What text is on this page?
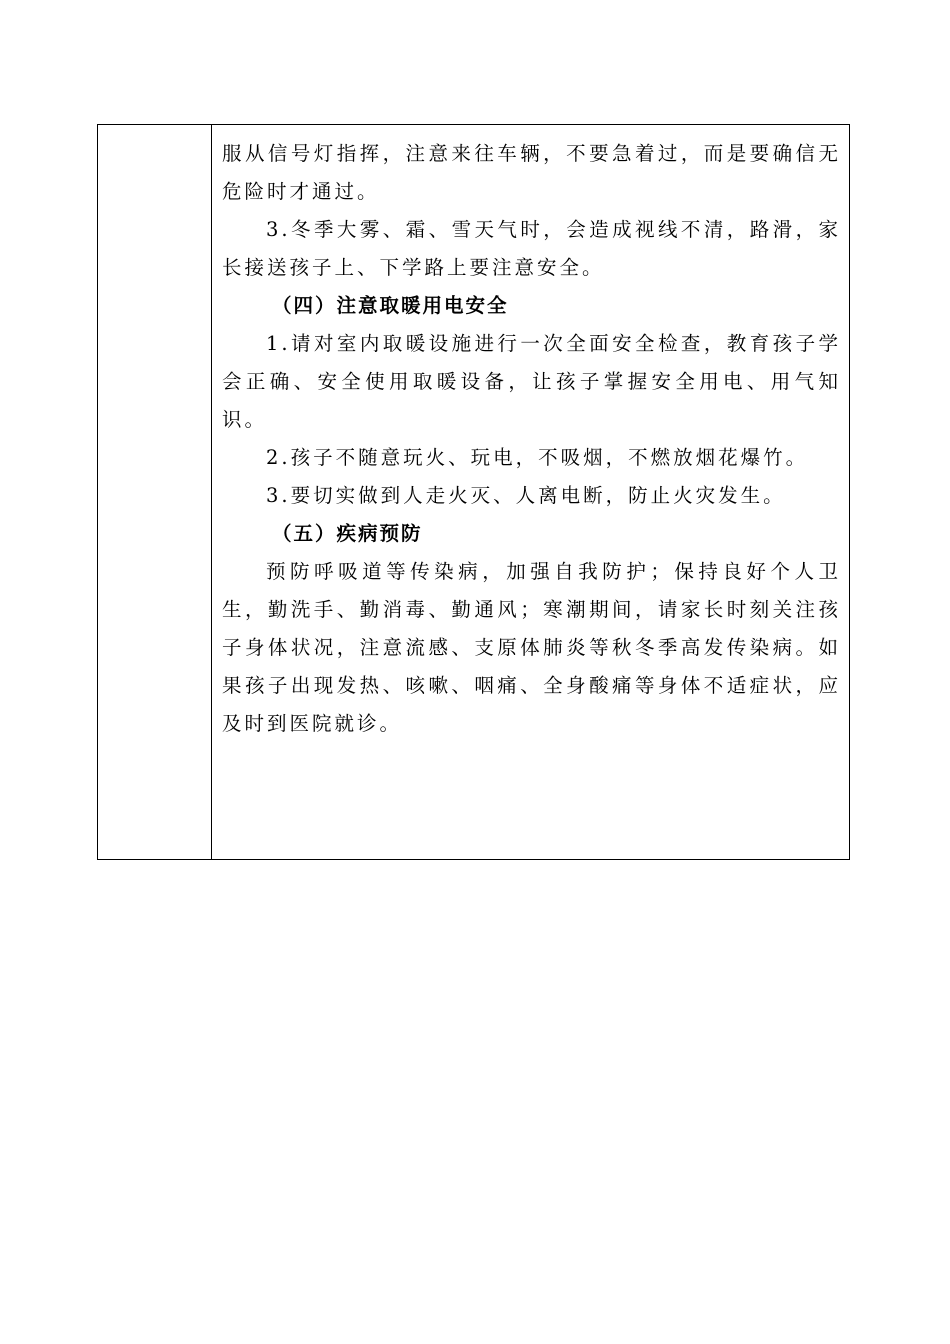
服从信号灯指挥，注意来往车辆，不要急着过，而是要确信无危险时才通过。

3.冬季大雾、霜、雪天气时，会造成视线不清，路滑，家长接送孩子上、下学路上要注意安全。

（四）注意取暖用电安全

1.请对室内取暖设施进行一次全面安全检查，教育孩子学会正确、安全使用取暖设备，让孩子掌握安全用电、用气知识。

2.孩子不随意玩火、玩电，不吸烟，不燃放烟花爆竹。

3.要切实做到人走火灭、人离电断，防止火灾发生。

（五）疾病预防

预防呼吸道等传染病，加强自我防护；保持良好个人卫生，勤洗手、勤消毒、勤通风；寒潮期间，请家长时刻关注孩子身体状况，注意流感、支原体肺炎等秋冬季高发传染病。如果孩子出现发热、咳嗽、咽痛、全身酸痛等身体不适症状，应及时到医院就诊。
